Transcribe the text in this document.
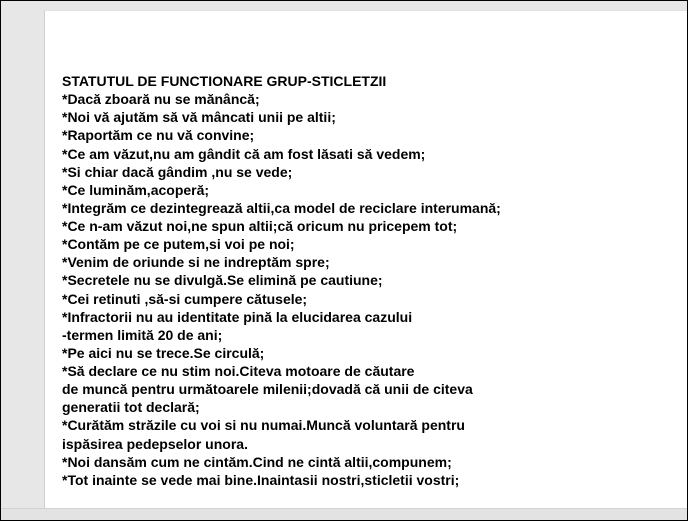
STATUTUL DE FUNCTIONARE GRUP-STICLETZII
*Dacă zboară nu se mănâncă;
*Noi vă ajutăm să vă mâncati unii pe altii;
*Raportăm ce nu vă convine;
*Ce am văzut,nu am gândit că am fost lăsati să vedem;
*Si chiar dacă gândim ,nu se vede;
*Ce luminăm,acoperă;
*Integrăm ce dezintegrează altii,ca model de reciclare interumană;
*Ce n-am văzut noi,ne spun altii;că oricum nu pricepem tot;
*Contăm pe ce putem,si voi pe noi;
*Venim de oriunde si ne indreptăm spre;
*Secretele nu se divulgă.Se elimină pe cautiune;
*Cei retinuti ,să-si cumpere cătusele;
*Infractorii nu au identitate pină la elucidarea cazului
-termen limită 20 de ani;
*Pe aici nu se trece.Se circulă;
*Să declare ce nu stim noi.Citeva motoare de căutare
de muncă pentru următoarele milenii;dovadă că unii de citeva
generatii tot declară;
*Curătăm străzile cu voi si nu numai.Muncă voluntară pentru
ispăsirea pedepselor unora.
*Noi dansăm cum ne cintăm.Cind ne cintă altii,compunem;
*Tot inainte se vede mai bine.Inaintasii nostri,sticletii vostri;
